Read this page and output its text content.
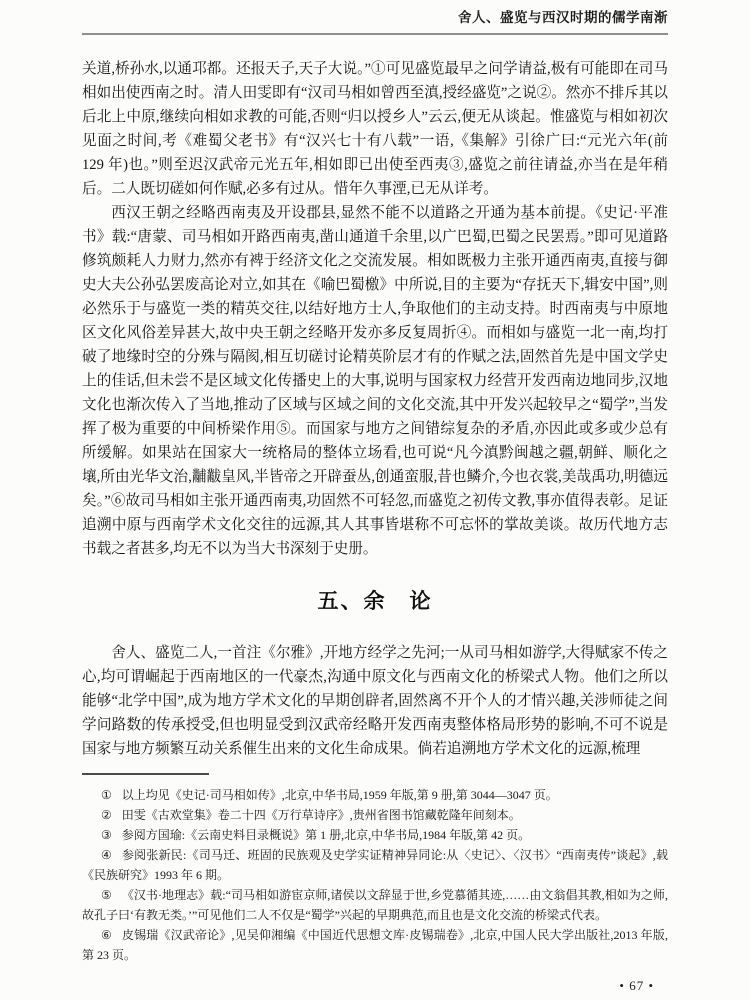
舍人、盛览与西汉时期的儒学南渐

关道,桥孙水,以通邛都。还报天子,天子大说。”①可见盛览最早之问学请益,极有可能即在司马相如出使西南之时。清人田雯即有“汉司马相如曾西至滇,授经盛览”之说②。然亦不排斥其以后北上中原,继续向相如求教的可能,否则“归以授乡人”云云,便无从谈起。惟盛览与相如初次见面之时间,考《难蜀父老书》有“汉兴七十有八载”一语,《集解》引徐广曰:“元光六年(前 129 年)也。”则至迟汉武帝元光五年,相如即已出使至西夷③,盛览之前往请益,亦当在是年稍后。二人既切磋如何作赋,必多有过从。惜年久事湮,已无从详考。

西汉王朝之经略西南夷及开设郡县,显然不能不以道路之开通为基本前提。《史记·平准书》载:“唐蒙、司马相如开路西南夷,凿山通道千余里,以广巴蜀,巴蜀之民罢焉。”即可见道路修筑颇耗人力财力,然亦有裨于经济文化之交流发展。相如既极力主张开通西南夷,直接与御史大夫公孙弘罢废高论对立,如其在《喻巴蜀檄》中所说,目的主要为“存抚天下,辑安中国”,则必然乐于与盛览一类的精英交往,以结好地方士人,争取他们的主动支持。时西南夷与中原地区文化风俗差异甚大,故中央王朝之经略开发亦多反复周折④。而相如与盛览一北一南,均打破了地缘时空的分殊与隔阂,相互切磋讨论精英阶层才有的作赋之法,固然首先是中国文学史上的佳话,但未尝不是区域文化传播史上的大事,说明与国家权力经营开发西南边地同步,汉地文化也渐次传入了当地,推动了区域与区域之间的文化交流,其中开发兴起较早之“蜀学”,当发挥了极为重要的中间桥梁作用⑤。而国家与地方之间错综复杂的矛盾,亦因此或多或少总有所缓解。如果站在国家大一统格局的整体立场看,也可说“凡今滇黔闽越之疆,朝鲜、顺化之壤,所由光华文治,黼黻皇风,半皆帝之开辟蚕丛,创通蛮服,昔也鳞介,今也衣裳,美哉禹功,明德远矣。”⑥故司马相如主张开通西南夷,功固然不可轻忽,而盛览之初传文教,事亦值得表彰。足证追溯中原与西南学术文化交往的远源,其人其事皆堪称不可忘怀的掌故美谈。故历代地方志书载之者甚多,均无不以为当大书深刻于史册。

五、余　论

舍人、盛览二人,一首注《尔雅》,开地方经学之先河;一从司马相如游学,大得赋家不传之心,均可谓崛起于西南地区的一代豪杰,沟通中原文化与西南文化的桥梁式人物。他们之所以能够“北学中国”,成为地方学术文化的早期创辟者,固然离不开个人的才情兴趣,关涉师徒之间学问路数的传承授受,但也明显受到汉武帝经略开发西南夷整体格局形势的影响,不可不说是国家与地方频繁互动关系催生出来的文化生命成果。倘若追溯地方学术文化的远源,梳理

① 以上均见《史记·司马相如传》,北京,中华书局,1959 年版,第 9 册,第 3044—3047 页。

② 田雯《古欢堂集》卷二十四《万行草诗序》,贵州省图书馆藏乾隆年间刻本。

③ 参阅方国瑜:《云南史料目录概说》第 1 册,北京,中华书局,1984 年版,第 42 页。

④ 参阅张新民:《司马迁、班固的民族观及史学实证精神异同论:从〈史记〉、〈汉书〉“西南夷传”谈起》,载《民族研究》1993 年 6 期。

⑤ 《汉书·地理志》载:“司马相如游宦京师,诸侯以文辞显于世,乡党慕循其迹,……由文翁倡其教,相如为之师,故孔子曰‘有教无类。’”可见他们二人不仅是“蜀学”兴起的早期典范,而且也是文化交流的桥梁式代表。

⑥ 皮锡瑞《汉武帝论》,见吴仰湘编《中国近代思想文库·皮锡瑞卷》,北京,中国人民大学出版社,2013 年版,第 23 页。

• 67 •
